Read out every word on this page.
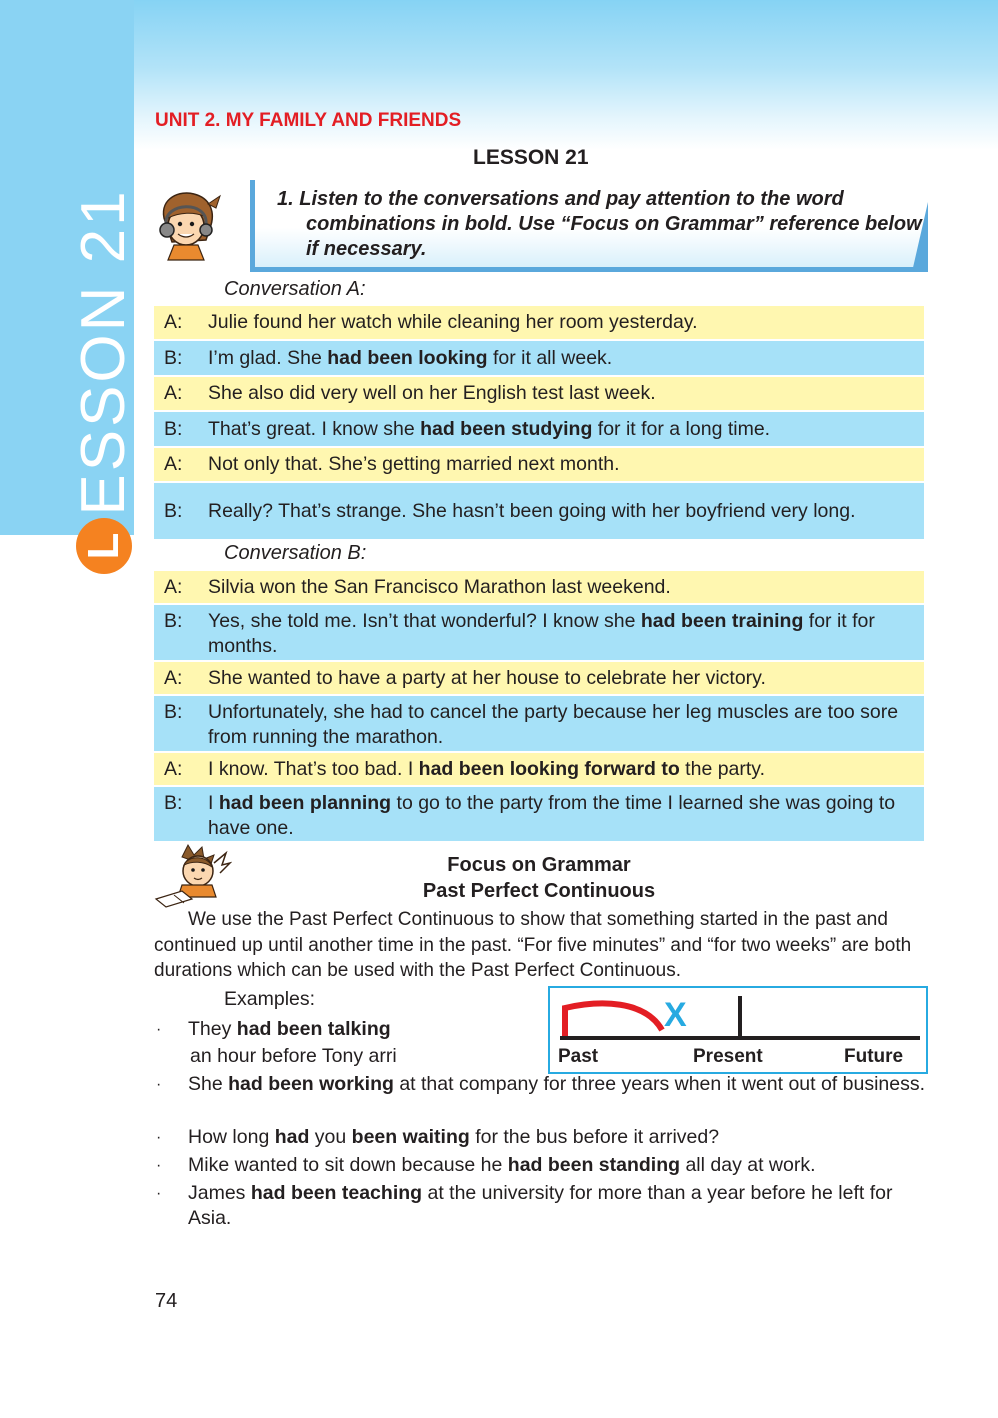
ESSON 21
L
UNIT 2. MY FAMILY AND FRIENDS
LESSON 21
1. Listen to the conversations and pay attention to the word combinations in bold. Use “Focus on Grammar” reference below if necessary.
Conversation A:
A:	Julie found her watch while cleaning her room yesterday.
B:	I’m glad. She had been looking for it all week.
A:	She also did very well on her English test last week.
B:	That’s great. I know she had been studying for it for a long time.
A:	Not only that. She’s getting married next month.
B:	Really? That’s strange. She hasn’t been going with her boyfriend very long.
Conversation B:
A:	Silvia won the San Francisco Marathon last weekend.
B:	Yes, she told me. Isn’t that wonderful? I know she had been training for it for months.
A:	She wanted to have a party at her house to celebrate her victory.
B:	Unfortunately, she had to cancel the party because her leg muscles are too sore from running the marathon.
A:	I know. That’s too bad. I had been looking forward to the party.
B:	I had been planning to go to the party from the time I learned she was going to have one.
Focus on Grammar
Past Perfect Continuous
We use the Past Perfect Continuous to show that something started in the past and continued up until another time in the past. “For five minutes” and “for two weeks” are both durations which can be used with the Past Perfect Continuous.
Examples:
· They had been talking
an hour before Tony arri
X
Past	Present	Future
· She had been working at that company for three years when it went out of business.
· How long had you been waiting for the bus before it arrived?
· Mike wanted to sit down because he had been standing all day at work.
· James had been teaching at the university for more than a year before he left for Asia.
74
